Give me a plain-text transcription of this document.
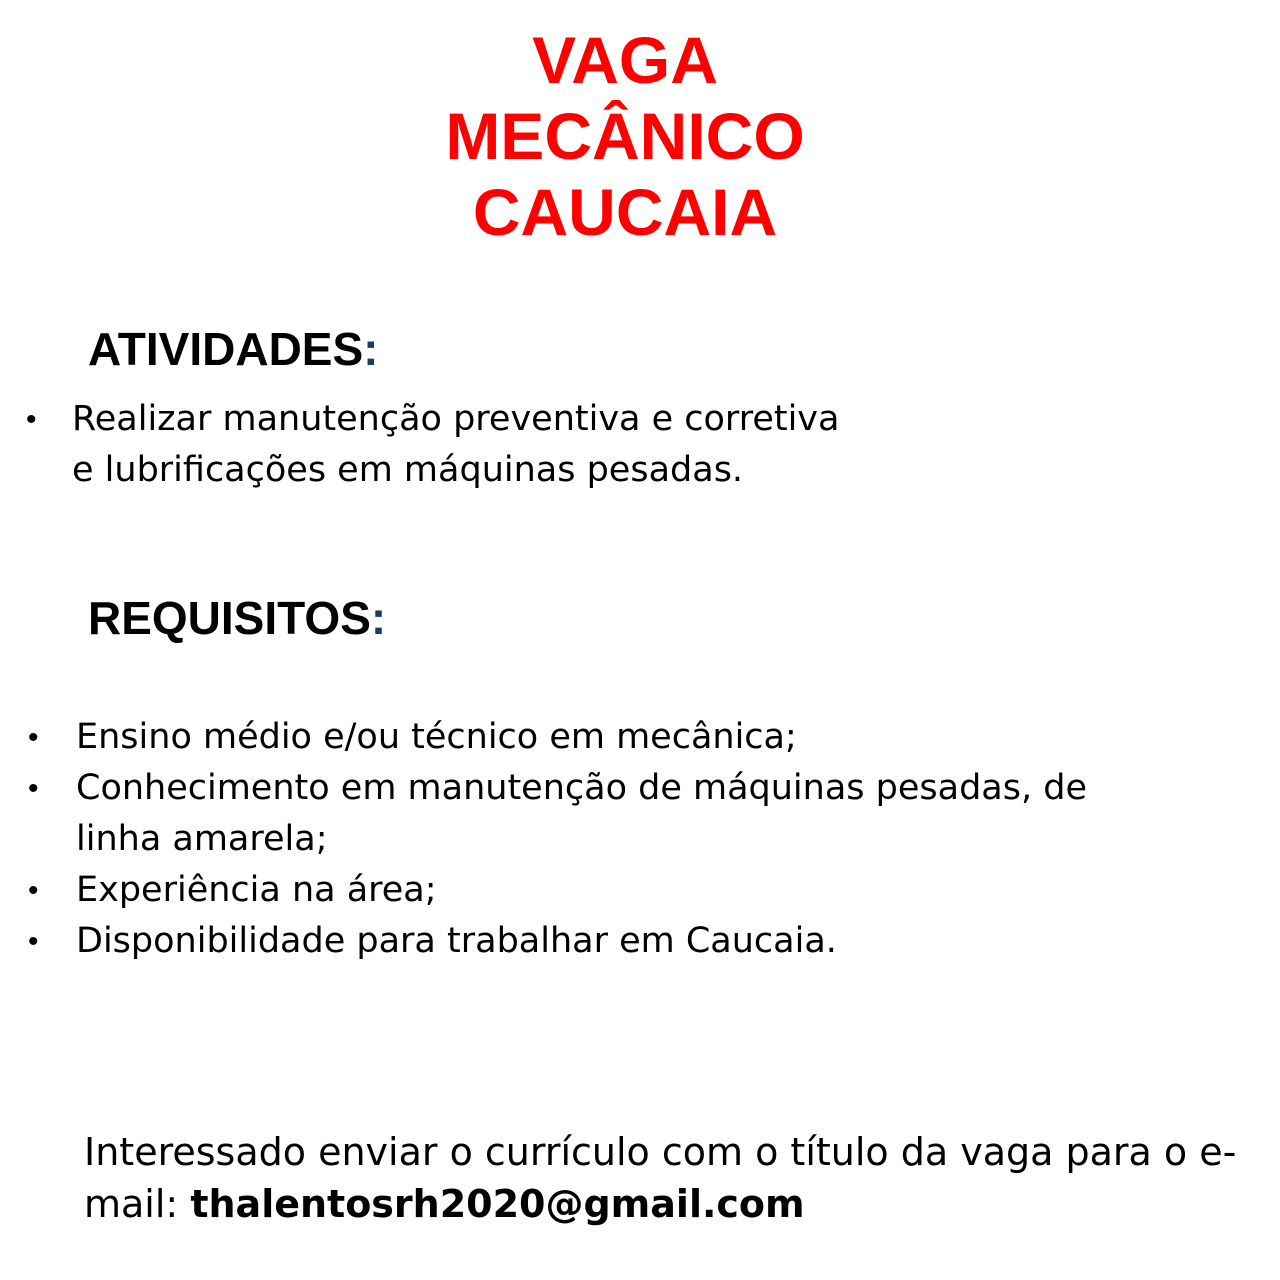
VAGA
MECÂNICO
CAUCAIA
ATIVIDADES:
• Realizar manutenção preventiva e corretiva e lubrificações em máquinas pesadas.
REQUISITOS:
• Ensino médio e/ou técnico em mecânica;
• Conhecimento em manutenção de máquinas pesadas, de linha amarela;
• Experiência na área;
• Disponibilidade para trabalhar em Caucaia.
Interessado enviar o currículo com o título da vaga para o e-mail: thalentosrh2020@gmail.com
